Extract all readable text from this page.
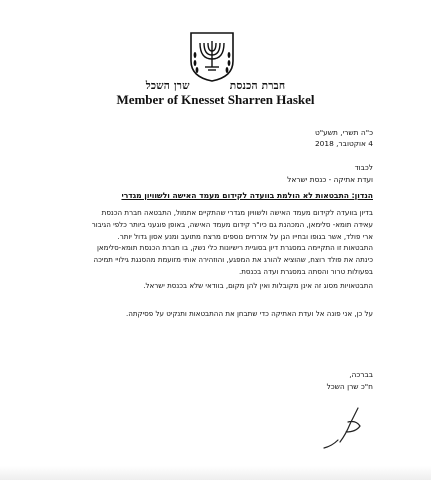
חברת הכנסתשרן השכל
Member of Knesset Sharren Haskel
כ"ה תשרי, תשע"ט
4 אוקטובר, 2018
לכבוד
ועדת אתיקה - כנסת ישראל
הנדון: התבטאות לא הולמת בוועדה לקידום מעמד האישה ולשוויון מגדרי
בדיון בוועדה לקידום מעמד האישה ולשוויון מגדרי שהתקיים אתמול, התבטאה חברת הכנסת
עאידה תומא- סלימאן, המכהנת גם כיו"ר קידום מעמד האישה, באופן פוגעני ביותר כלפי הגיבור
ארי פולד, אשר בגופו ובחייו הגן על אזרחים נוספים מרצח מתועב ומנע אסון גדול יותר.
התבטאות זו התקיימה במסגרת דיון בסוגיית רישיונות כלי נשק, בו חברת הכנסת תומא-סלימאן
כינתה את פולד רוצח, שהוציא להורג את המפגע, והוזהירה אותי מזועמת מהסנגת גילויי תמיכה
בפעולות טרור והסתה במסגרת ועדה בכנסת.
התבטאויות מסוג זה אינן מקובלות ואין להן מקום, בוודאי שלא בכנסת ישראל.
על כן, אני פונה אל ועדת האתיקה כדי שתבחן את ההתבטאות ותנקיט על פסיקתה.
בברכה,
ח"כ שרן השכל
